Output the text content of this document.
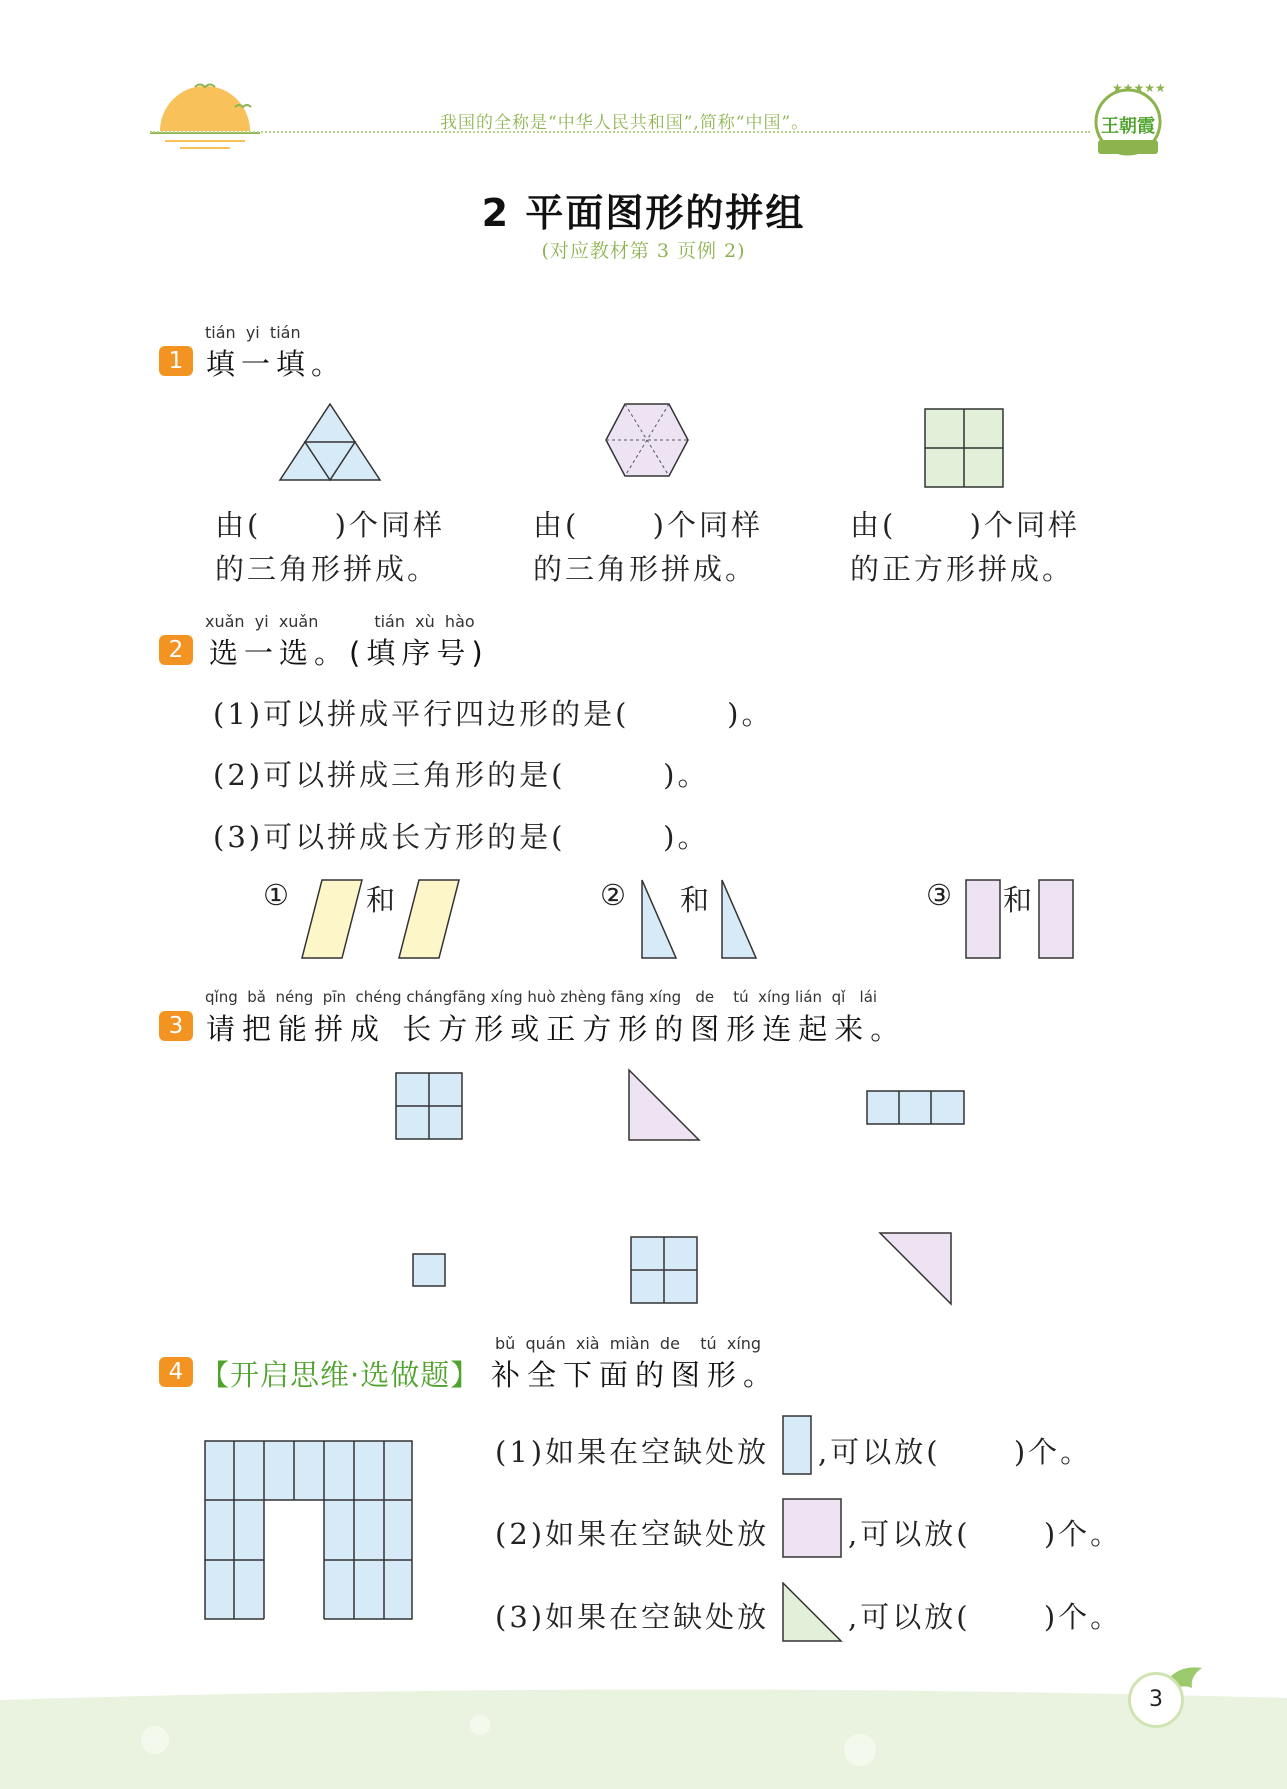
我国的全称是“中华人民共和国”,简称“中国”。
★★★★★
王朝霞
2 平面图形的拼组
(对应教材第 3 页例 2)
tián  yi  tián
1 填一填。
由(      )个同样
的三角形拼成。
由(      )个同样
的三角形拼成。
由(      )个同样
的正方形拼成。
xuǎn  yi  xuǎn           tián  xù  hào
2 选一选。(填序号)
(1)可以拼成平行四边形的是(        )。
(2)可以拼成三角形的是(        )。
(3)可以拼成长方形的是(        )。
①	和	② 和	③ 和
qǐng  bǎ  néng  pīn  chéng chángfāng xíng huò zhèng fāng xíng   de    tú  xíng lián  qǐ   lái
3 请把能拼成 长方形或正方形的图形连起来。
bǔ  quán  xià  miàn  de    tú  xíng
4 【开启思维·选做题】 补全下面的图形。
(1)如果在空缺处放 ,可以放(      )个。
(2)如果在空缺处放	,可以放(      )个。
(3)如果在空缺处放	,可以放(      )个。
3
